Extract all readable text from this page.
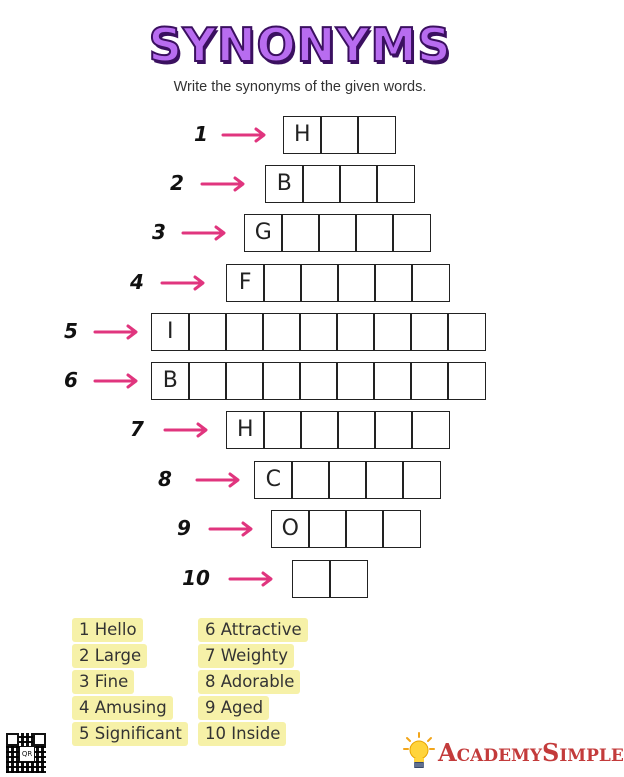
SYNONYMS
Write the synonyms of the given words.
1	H
2	B
3	G
4	F
5	I
6	B
7	H
8	C
9	O
10
1 Hello
2 Large
3 Fine
4 Amusing
5 Significant
6 Attractive
7 Weighty
8 Adorable
9 Aged
10 Inside
QR	AcademySimple
